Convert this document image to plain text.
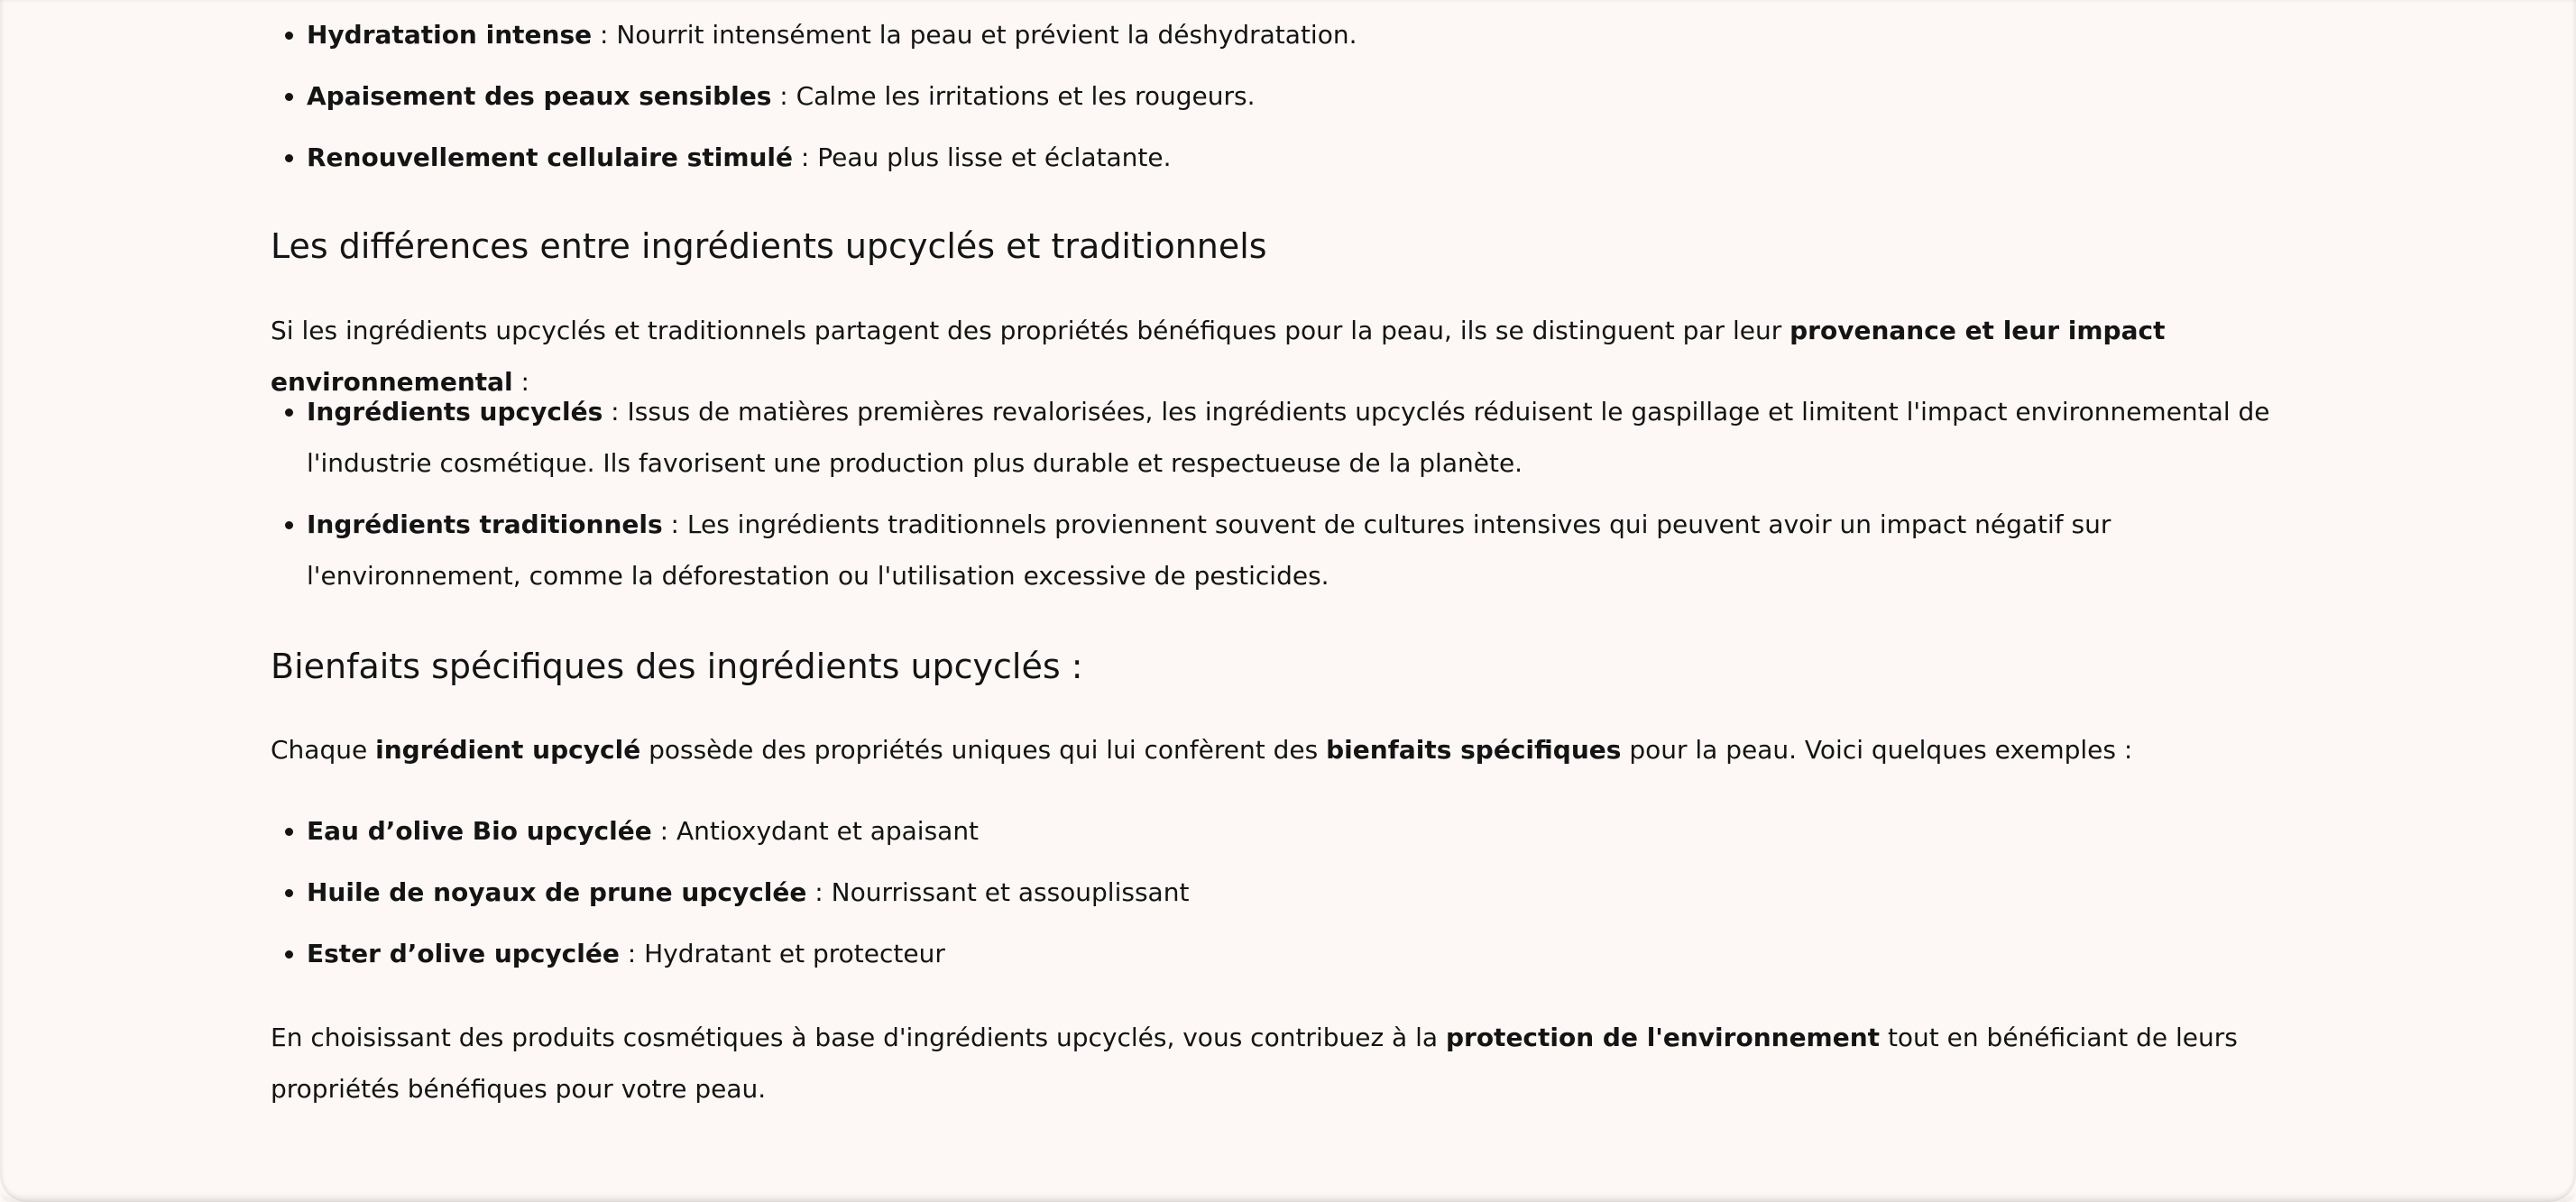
Hydratation intense : Nourrit intensément la peau et prévient la déshydratation.
Apaisement des peaux sensibles : Calme les irritations et les rougeurs.
Renouvellement cellulaire stimulé : Peau plus lisse et éclatante.
Les différences entre ingrédients upcyclés et traditionnels

Si les ingrédients upcyclés et traditionnels partagent des propriétés bénéfiques pour la peau, ils se distinguent par leur provenance et leur impact environnemental :

Ingrédients upcyclés : Issus de matières premières revalorisées, les ingrédients upcyclés réduisent le gaspillage et limitent l'impact environnemental de l'industrie cosmétique. Ils favorisent une production plus durable et respectueuse de la planète.
Ingrédients traditionnels : Les ingrédients traditionnels proviennent souvent de cultures intensives qui peuvent avoir un impact négatif sur l'environnement, comme la déforestation ou l'utilisation excessive de pesticides.
Bienfaits spécifiques des ingrédients upcyclés :

Chaque ingrédient upcyclé possède des propriétés uniques qui lui confèrent des bienfaits spécifiques pour la peau. Voici quelques exemples :

Eau d’olive Bio upcyclée : Antioxydant et apaisant
Huile de noyaux de prune upcyclée : Nourrissant et assouplissant
Ester d’olive upcyclée : Hydratant et protecteur

En choisissant des produits cosmétiques à base d'ingrédients upcyclés, vous contribuez à la protection de l'environnement tout en bénéficiant de leurs propriétés bénéfiques pour votre peau.
